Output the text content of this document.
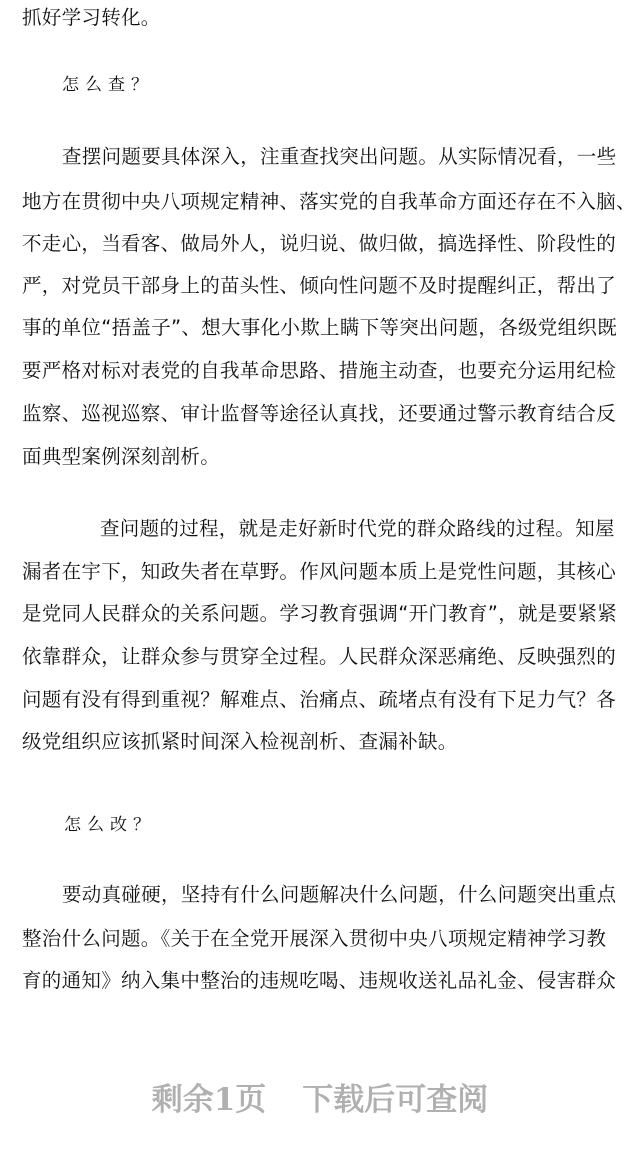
抓好学习转化。
怎么查？
查摆问题要具体深入，注重查找突出问题。从实际情况看，一些
地方在贯彻中央八项规定精神、落实党的自我革命方面还存在不入脑、
不走心，当看客、做局外人，说归说、做归做，搞选择性、阶段性的
严，对党员干部身上的苗头性、倾向性问题不及时提醒纠正，帮出了
事的单位“捂盖子”、想大事化小欺上瞒下等突出问题，各级党组织既
要严格对标对表党的自我革命思路、措施主动查，也要充分运用纪检
监察、巡视巡察、审计监督等途径认真找，还要通过警示教育结合反
面典型案例深刻剖析。
查问题的过程，就是走好新时代党的群众路线的过程。知屋
漏者在宇下，知政失者在草野。作风问题本质上是党性问题，其核心
是党同人民群众的关系问题。学习教育强调“开门教育”，就是要紧紧
依靠群众，让群众参与贯穿全过程。人民群众深恶痛绝、反映强烈的
问题有没有得到重视？解难点、治痛点、疏堵点有没有下足力气？各
级党组织应该抓紧时间深入检视剖析、查漏补缺。
怎么改？
要动真碰硬，坚持有什么问题解决什么问题，什么问题突出重点
整治什么问题。《关于在全党开展深入贯彻中央八项规定精神学习教
育的通知》纳入集中整治的违规吃喝、违规收送礼品礼金、侵害群众
剩余1页 下载后可查阅
